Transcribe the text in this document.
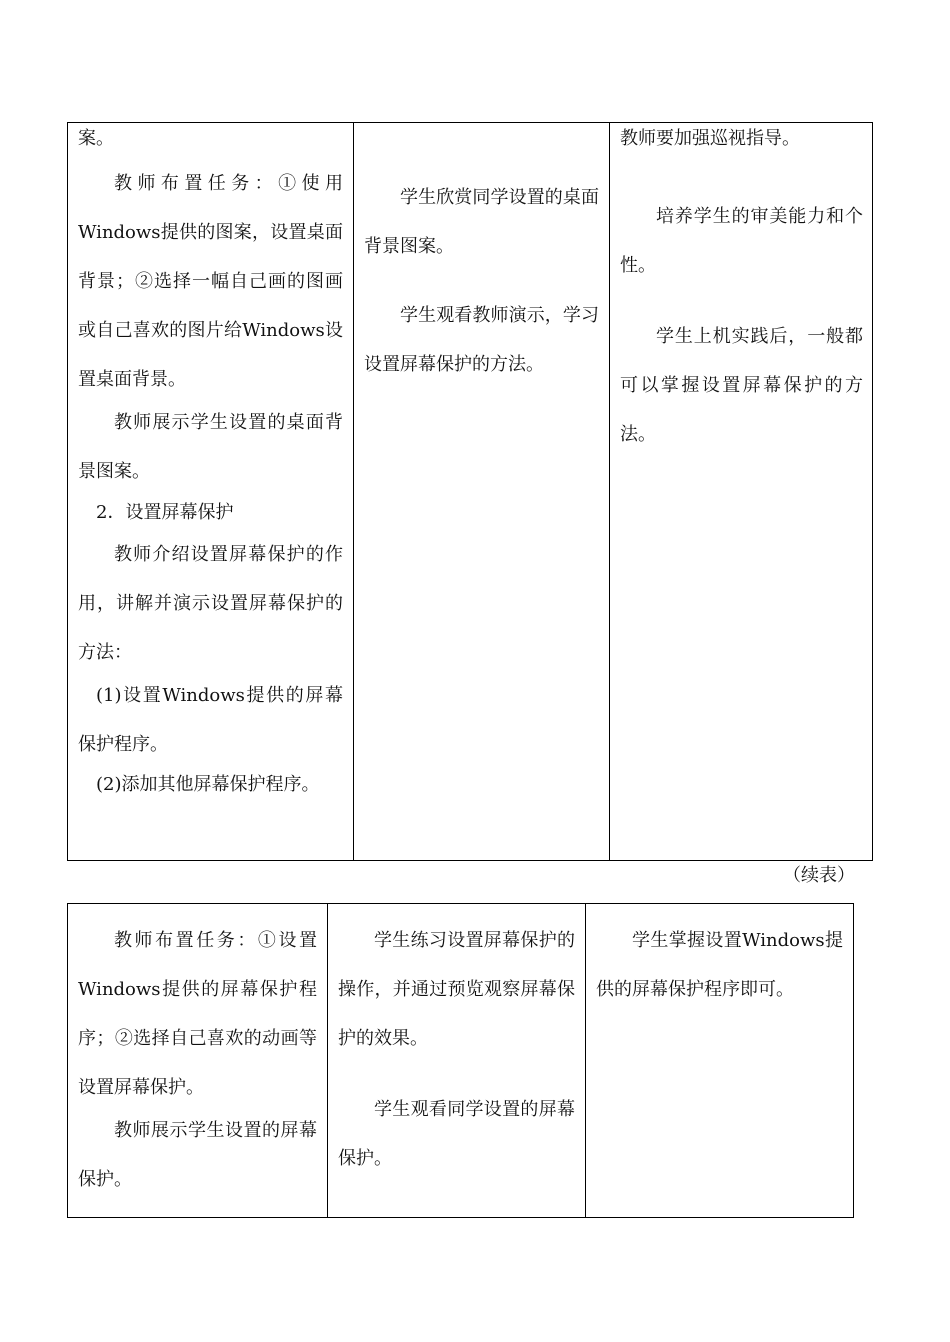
案。

教师布置任务：①使用Windows提供的图案，设置桌面背景；②选择一幅自己画的图画或自己喜欢的图片给Windows设置桌面背景。

教师展示学生设置的桌面背景图案。

2．设置屏幕保护

教师介绍设置屏幕保护的作用，讲解并演示设置屏幕保护的方法：

(1)设置Windows提供的屏幕保护程序。

(2)添加其他屏幕保护程序。

学生欣赏同学设置的桌面背景图案。

学生观看教师演示，学习设置屏幕保护的方法。

教师要加强巡视指导。

培养学生的审美能力和个性。

学生上机实践后，一般都可以掌握设置屏幕保护的方法。

（续表）

教师布置任务：①设置Windows提供的屏幕保护程序；②选择自己喜欢的动画等设置屏幕保护。

教师展示学生设置的屏幕保护。

学生练习设置屏幕保护的操作，并通过预览观察屏幕保护的效果。

学生观看同学设置的屏幕保护。

学生掌握设置Windows提供的屏幕保护程序即可。
